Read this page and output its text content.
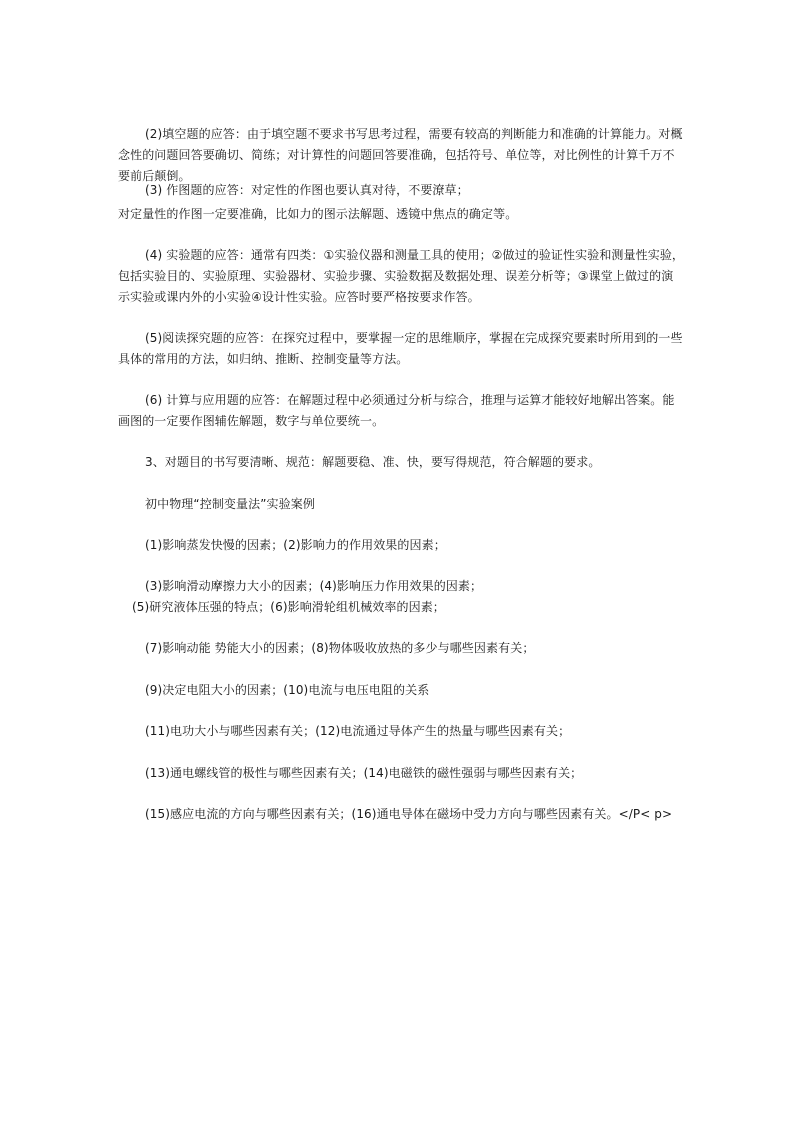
(2)填空题的应答：由于填空题不要求书写思考过程，需要有较高的判断能力和准确的计算能力。对概
念性的问题回答要确切、简练；对计算性的问题回答要准确，包括符号、单位等，对比例性的计算千万不
要前后颠倒。
(3) 作图题的应答：对定性的作图也要认真对待，不要潦草；
对定量性的作图一定要准确，比如力的图示法解题、透镜中焦点的确定等。
(4) 实验题的应答：通常有四类：①实验仪器和测量工具的使用；②做过的验证性实验和测量性实验，
包括实验目的、实验原理、实验器材、实验步骤、实验数据及数据处理、误差分析等；③课堂上做过的演
示实验或课内外的小实验④设计性实验。应答时要严格按要求作答。
(5)阅读探究题的应答：在探究过程中，要掌握一定的思维顺序，掌握在完成探究要素时所用到的一些
具体的常用的方法，如归纳、推断、控制变量等方法。
(6) 计算与应用题的应答：在解题过程中必须通过分析与综合，推理与运算才能较好地解出答案。能
画图的一定要作图辅佐解题，数字与单位要统一。
3、对题目的书写要清晰、规范：解题要稳、准、快，要写得规范，符合解题的要求。
初中物理“控制变量法”实验案例
(1)影响蒸发快慢的因素；(2)影响力的作用效果的因素；
(3)影响滑动摩擦力大小的因素；(4)影响压力作用效果的因素；
(5)研究液体压强的特点；(6)影响滑轮组机械效率的因素；
(7)影响动能 势能大小的因素；(8)物体吸收放热的多少与哪些因素有关；
(9)决定电阻大小的因素；(10)电流与电压电阻的关系
(11)电功大小与哪些因素有关；(12)电流通过导体产生的热量与哪些因素有关；
(13)通电螺线管的极性与哪些因素有关；(14)电磁铁的磁性强弱与哪些因素有关；
(15)感应电流的方向与哪些因素有关；(16)通电导体在磁场中受力方向与哪些因素有关。</P< p>
